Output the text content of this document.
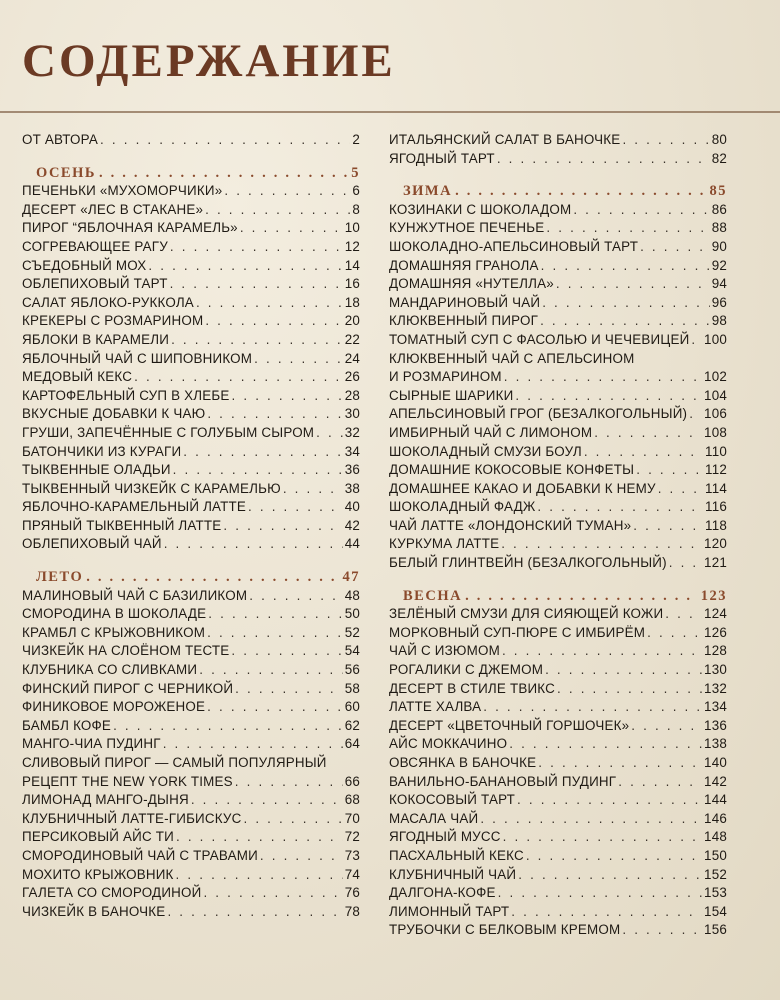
СОДЕРЖАНИЕ
ОТ АВТОРА . . .	2
ОСЕНЬ . . .	5
ПЕЧЕНЬКИ «МУХОМОРЧИКИ» . . .	6
ДЕСЕРТ «ЛЕС В СТАКАНЕ» . . .	8
ПИРОГ “ЯБЛОЧНАЯ КАРАМЕЛЬ» . . .	10
СОГРЕВАЮЩЕЕ РАГУ . . .	12
СЪЕДОБНЫЙ МОХ . . .	14
ОБЛЕПИХОВЫЙ ТАРТ . . .	16
САЛАТ ЯБЛОКО-РУККОЛА . . .	18
КРЕКЕРЫ С РОЗМАРИНОМ . . .	20
ЯБЛОКИ В КАРАМЕЛИ . . .	22
ЯБЛОЧНЫЙ ЧАЙ С ШИПОВНИКОМ . . .	24
МЕДОВЫЙ КЕКС . . .	26
КАРТОФЕЛЬНЫЙ СУП В ХЛЕБЕ . . .	28
ВКУСНЫЕ ДОБАВКИ К ЧАЮ . . .	30
ГРУШИ, ЗАПЕЧЁННЫЕ С ГОЛУБЫМ СЫРОМ . . . 32
БАТОНЧИКИ ИЗ КУРАГИ . . .	34
ТЫКВЕННЫЕ ОЛАДЬИ . . .	36
ТЫКВЕННЫЙ ЧИЗКЕЙК С КАРАМЕЛЬЮ . . .	38
ЯБЛОЧНО-КАРАМЕЛЬНЫЙ ЛАТТЕ . . .	40
ПРЯНЫЙ ТЫКВЕННЫЙ ЛАТТЕ . . .	42
ОБЛЕПИХОВЫЙ ЧАЙ . . .	44
ЛЕТО . . .	47
МАЛИНОВЫЙ ЧАЙ С БАЗИЛИКОМ . . .	48
СМОРОДИНА В ШОКОЛАДЕ . . .	50
КРАМБЛ С КРЫЖОВНИКОМ . . .	52
ЧИЗКЕЙК НА СЛОЁНОМ ТЕСТЕ . . .	54
КЛУБНИКА СО СЛИВКАМИ . . .	56
ФИНСКИЙ ПИРОГ С ЧЕРНИКОЙ . . .	58
ФИНИКОВОЕ МОРОЖЕНОЕ . . .	60
БАМБЛ КОФЕ . . .	62
МАНГО-ЧИА ПУДИНГ . . .	64
СЛИВОВЫЙ ПИРОГ — САМЫЙ ПОПУЛЯРНЫЙ
РЕЦЕПТ THE NEW YORK TIMES . . .	66
ЛИМОНАД МАНГО-ДЫНЯ . . .	68
КЛУБНИЧНЫЙ ЛАТТЕ-ГИБИСКУС . . .	70
ПЕРСИКОВЫЙ АЙС ТИ . . .	72
СМОРОДИНОВЫЙ ЧАЙ С ТРАВАМИ . . .	73
МОХИТО КРЫЖОВНИК . . .	74
ГАЛЕТА СО СМОРОДИНОЙ . . .	76
ЧИЗКЕЙК В БАНОЧКЕ . . .	78
ИТАЛЬЯНСКИЙ САЛАТ В БАНОЧКЕ . . .	80
ЯГОДНЫЙ ТАРТ . . .	82
ЗИМА . . .	85
КОЗИНАКИ С ШОКОЛАДОМ . . .	86
КУНЖУТНОЕ ПЕЧЕНЬЕ . . .	88
ШОКОЛАДНО-АПЕЛЬСИНОВЫЙ ТАРТ . . .	90
ДОМАШНЯЯ ГРАНОЛА . . .	92
ДОМАШНЯЯ «НУТЕЛЛА» . . .	94
МАНДАРИНОВЫЙ ЧАЙ . . .	96
КЛЮКВЕННЫЙ ПИРОГ . . .	98
ТОМАТНЫЙ СУП С ФАСОЛЬЮ И ЧЕЧЕВИЦЕЙ . . . 100
КЛЮКВЕННЫЙ ЧАЙ С АПЕЛЬСИНОМ
И РОЗМАРИНОМ . . .	102
СЫРНЫЕ ШАРИКИ . . .	104
АПЕЛЬСИНОВЫЙ ГРОГ (БЕЗАЛКОГОЛЬНЫЙ) . . . 106
ИМБИРНЫЙ ЧАЙ С ЛИМОНОМ . . .	108
ШОКОЛАДНЫЙ СМУЗИ БОУЛ . . .	110
ДОМАШНИЕ КОКОСОВЫЕ КОНФЕТЫ . . .	112
ДОМАШНЕЕ КАКАО И ДОБАВКИ К НЕМУ . . .	114
ШОКОЛАДНЫЙ ФАДЖ . . .	116
ЧАЙ ЛАТТЕ «ЛОНДОНСКИЙ ТУМАН» . . .	118
КУРКУМА ЛАТТЕ . . .	120
БЕЛЫЙ ГЛИНТВЕЙН (БЕЗАЛКОГОЛЬНЫЙ) . . .	121
ВЕСНА . . .	123
ЗЕЛЁНЫЙ СМУЗИ ДЛЯ СИЯЮЩЕЙ КОЖИ . . .	124
МОРКОВНЫЙ СУП-ПЮРЕ С ИМБИРЁМ . . .	126
ЧАЙ С ИЗЮМОМ . . .	128
РОГАЛИКИ С ДЖЕМОМ . . .	130
ДЕСЕРТ В СТИЛЕ ТВИКС . . .	132
ЛАТТЕ ХАЛВА . . .	134
ДЕСЕРТ «ЦВЕТОЧНЫЙ ГОРШОЧЕК» . . .	136
АЙС МОККАЧИНО . . .	138
ОВСЯНКА В БАНОЧКЕ . . .	140
ВАНИЛЬНО-БАНАНОВЫЙ ПУДИНГ . . .	142
КОКОСОВЫЙ ТАРТ . . .	144
МАСАЛА ЧАЙ . . .	146
ЯГОДНЫЙ МУСС . . .	148
ПАСХАЛЬНЫЙ КЕКС . . .	150
КЛУБНИЧНЫЙ ЧАЙ . . .	152
ДАЛГОНА-КОФЕ . . .	153
ЛИМОННЫЙ ТАРТ . . .	154
ТРУБОЧКИ С БЕЛКОВЫМ КРЕМОМ . . .	156
